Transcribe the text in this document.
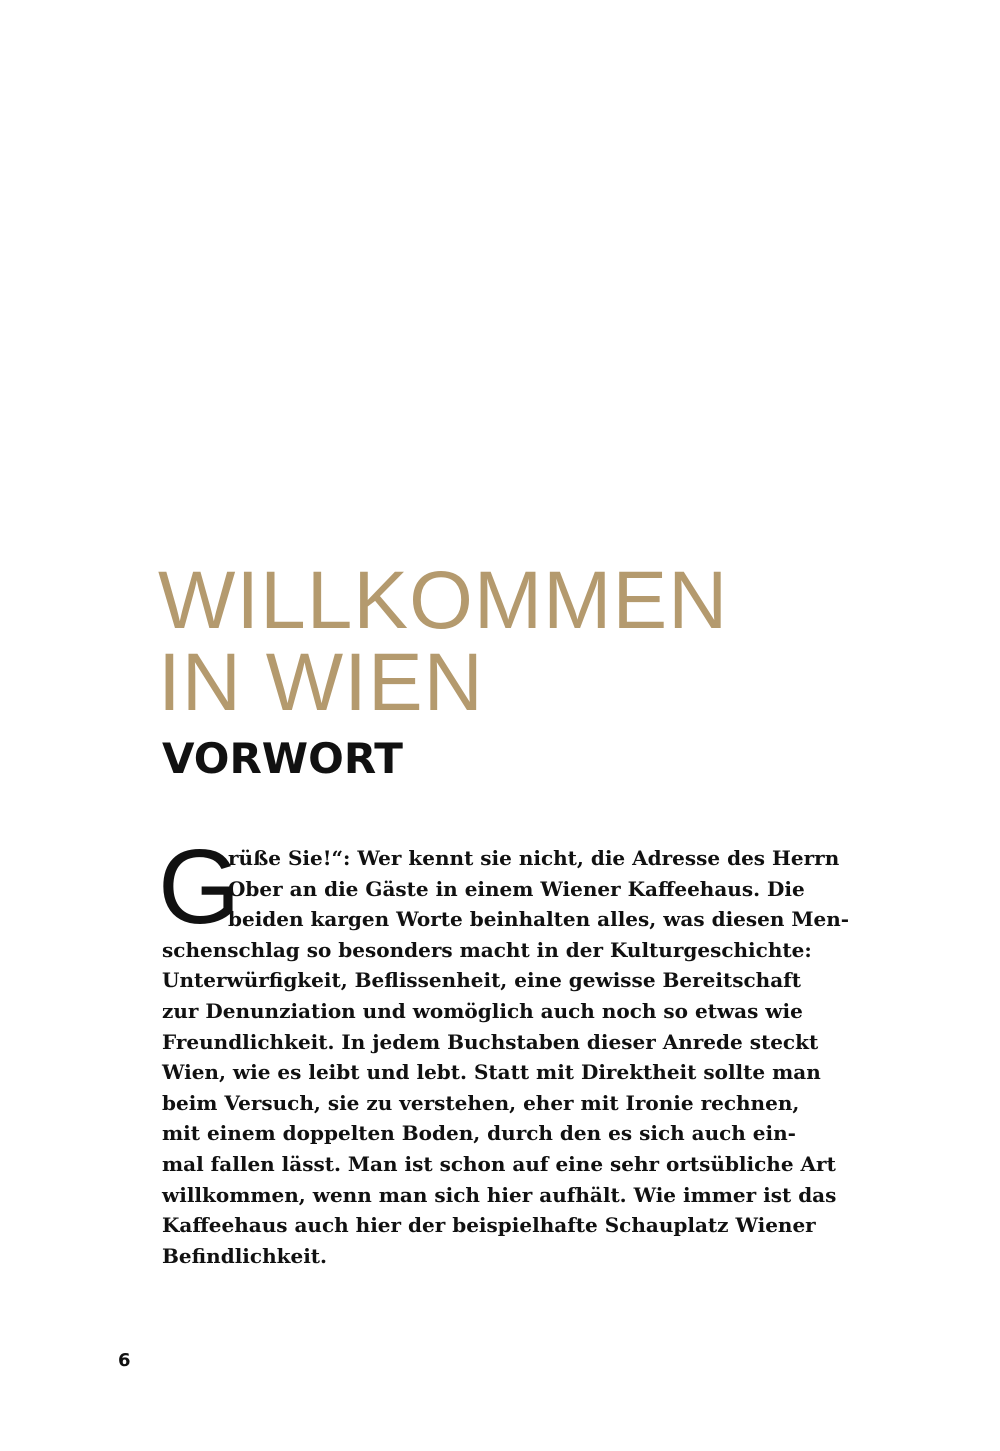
WILLKOMMEN
IN WIEN
VORWORT
G
rüße Sie!“: Wer kennt sie nicht, die Adresse des Herrn
Ober an die Gäste in einem Wiener Kaffeehaus. Die
beiden kargen Worte beinhalten alles, was diesen Men-
schenschlag so besonders macht in der Kulturgeschichte:
Unterwürfigkeit, Beflissenheit, eine gewisse Bereitschaft
zur Denunziation und womöglich auch noch so etwas wie
Freundlichkeit. In jedem Buchstaben dieser Anrede steckt
Wien, wie es leibt und lebt. Statt mit Direktheit sollte man
beim Versuch, sie zu verstehen, eher mit Ironie rechnen,
mit einem doppelten Boden, durch den es sich auch ein-
mal fallen lässt. Man ist schon auf eine sehr ortsübliche Art
willkommen, wenn man sich hier aufhält. Wie immer ist das
Kaffeehaus auch hier der beispielhafte Schauplatz Wiener
Befindlichkeit.
6
